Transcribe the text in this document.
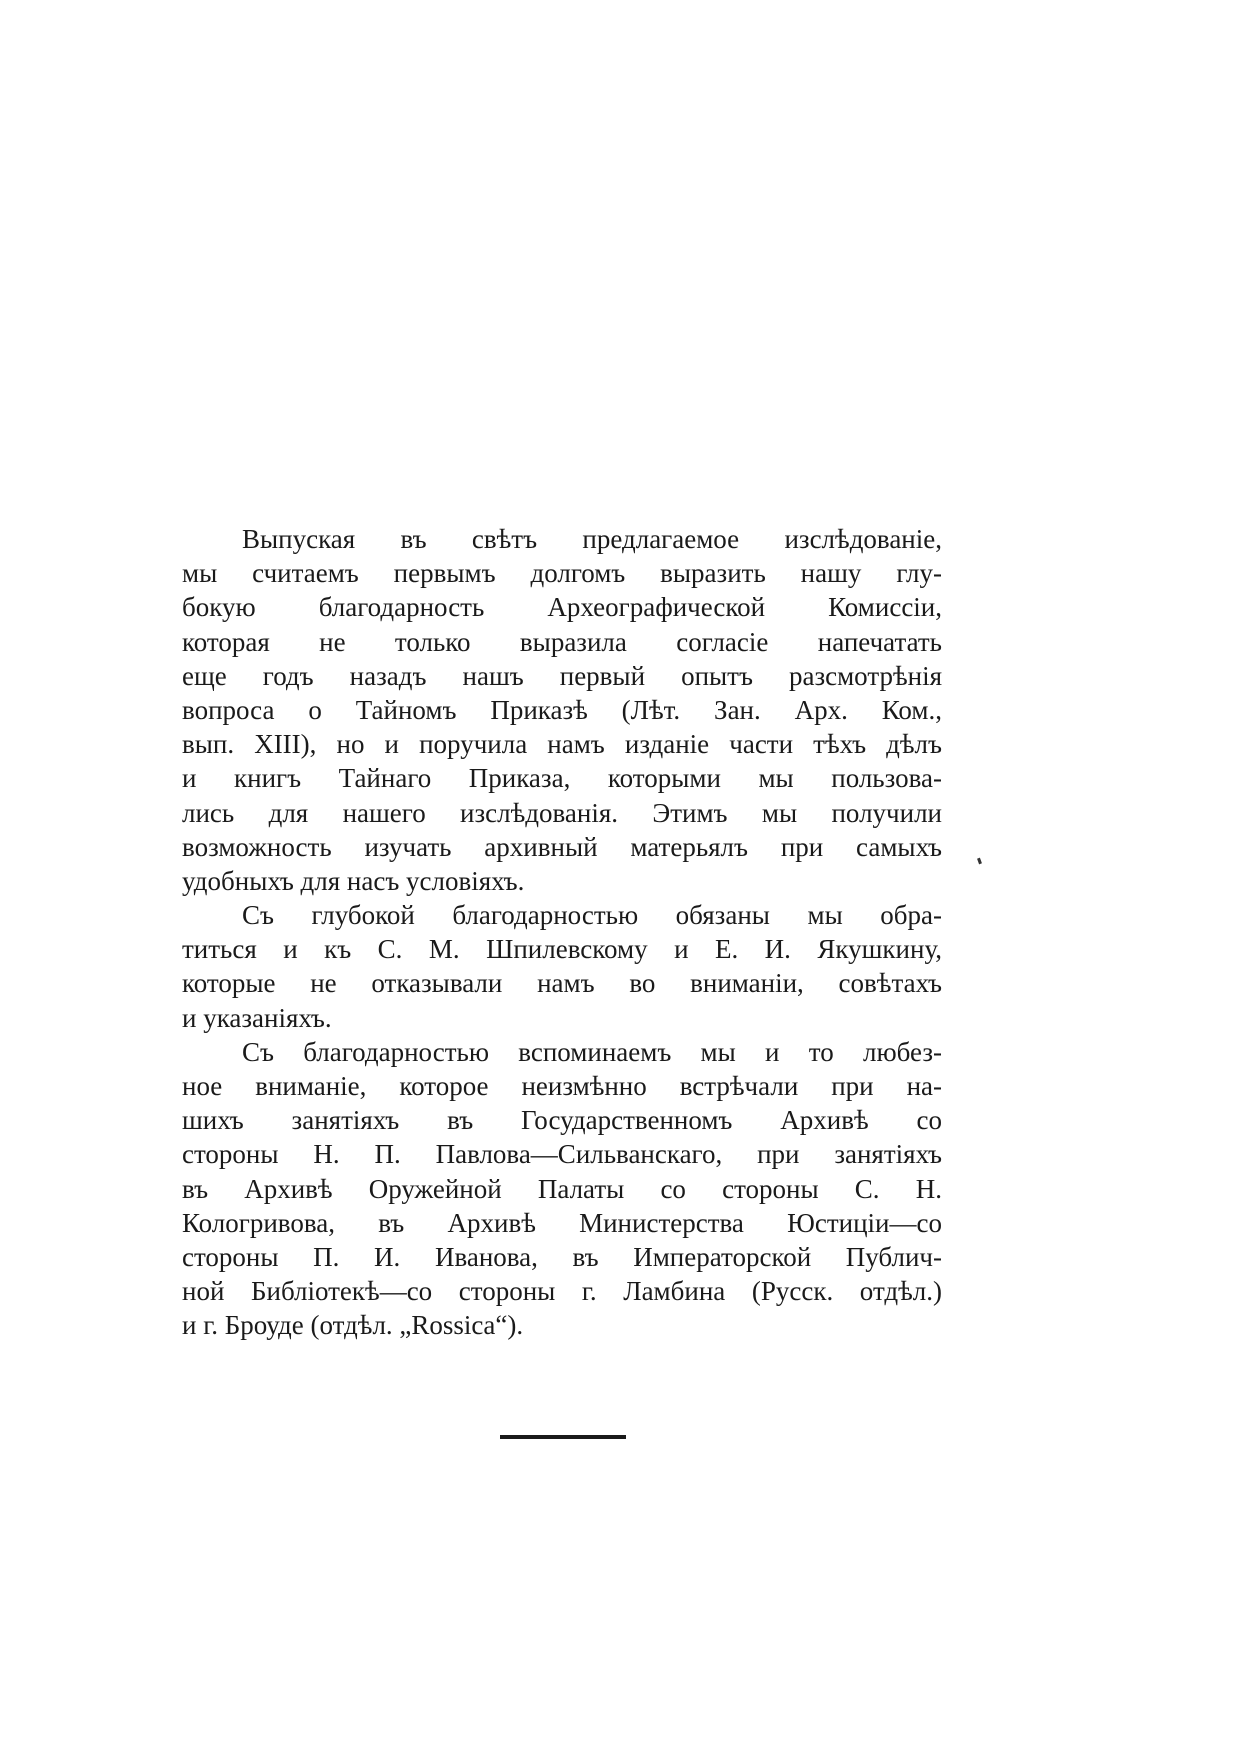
Выпуская въ свѣтъ предлагаемое изслѣдованіе,
мы считаемъ первымъ долгомъ выразить нашу глу-
бокую благодарность Археографической Комиссіи,
которая не только выразила согласіе напечатать
еще годъ назадъ нашъ первый опытъ разсмотрѣнія
вопроса о Тайномъ Приказѣ (Лѣт. Зан. Арх. Ком.,
вып. XIII), но и поручила намъ изданіе части тѣхъ дѣлъ
и книгъ Тайнаго Приказа, которыми мы пользова-
лись для нашего изслѣдованія. Этимъ мы получили
возможность изучать архивный матерьялъ при самыхъ
удобныхъ для насъ условіяхъ.
Съ глубокой благодарностью обязаны мы обра-
титься и къ С. М. Шпилевскому и Е. И. Якушкину,
которые не отказывали намъ во вниманіи, совѣтахъ
и указаніяхъ.
Съ благодарностью вспоминаемъ мы и то любез-
ное вниманіе, которое неизмѣнно встрѣчали при на-
шихъ занятіяхъ въ Государственномъ Архивѣ со
стороны Н. П. Павлова—Сильванскаго, при занятіяхъ
въ Архивѣ Оружейной Палаты со стороны С. Н.
Кологривова, въ Архивѣ Министерства Юстиціи—со
стороны П. И. Иванова, въ Императорской Публич-
ной Библіотекѣ—со стороны г. Ламбина (Русск. отдѣл.)
и г. Броуде (отдѣл. „Rossica“).
